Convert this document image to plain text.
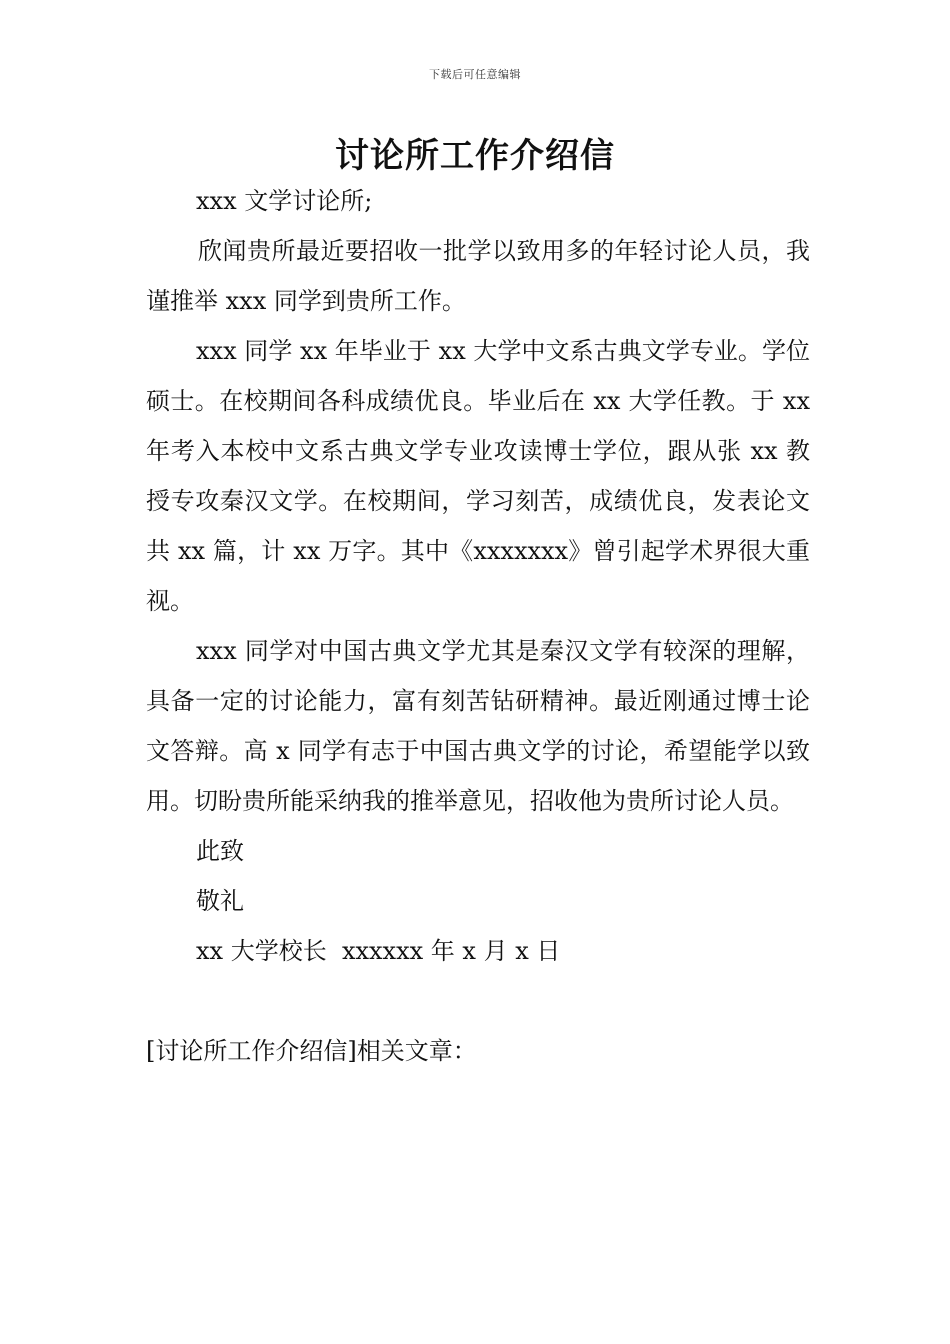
下载后可任意编辑
讨论所工作介绍信

xxx 文学讨论所;

欣闻贵所最近要招收一批学以致用多的年轻讨论人员，我谨推举 xxx 同学到贵所工作。

xxx 同学 xx 年毕业于 xx 大学中文系古典文学专业。学位硕士。在校期间各科成绩优良。毕业后在 xx 大学任教。于 xx 年考入本校中文系古典文学专业攻读博士学位，跟从张 xx 教授专攻秦汉文学。在校期间，学习刻苦，成绩优良，发表论文共 xx 篇，计 xx 万字。其中《xxxxxxx》曾引起学术界很大重视。

xxx 同学对中国古典文学尤其是秦汉文学有较深的理解，具备一定的讨论能力，富有刻苦钻研精神。最近刚通过博士论文答辩。高 x 同学有志于中国古典文学的讨论，希望能学以致用。切盼贵所能采纳我的推举意见，招收他为贵所讨论人员。

此致

敬礼

xx 大学校长  xxxxxx 年 x 月 x 日

[讨论所工作介绍信]相关文章：
